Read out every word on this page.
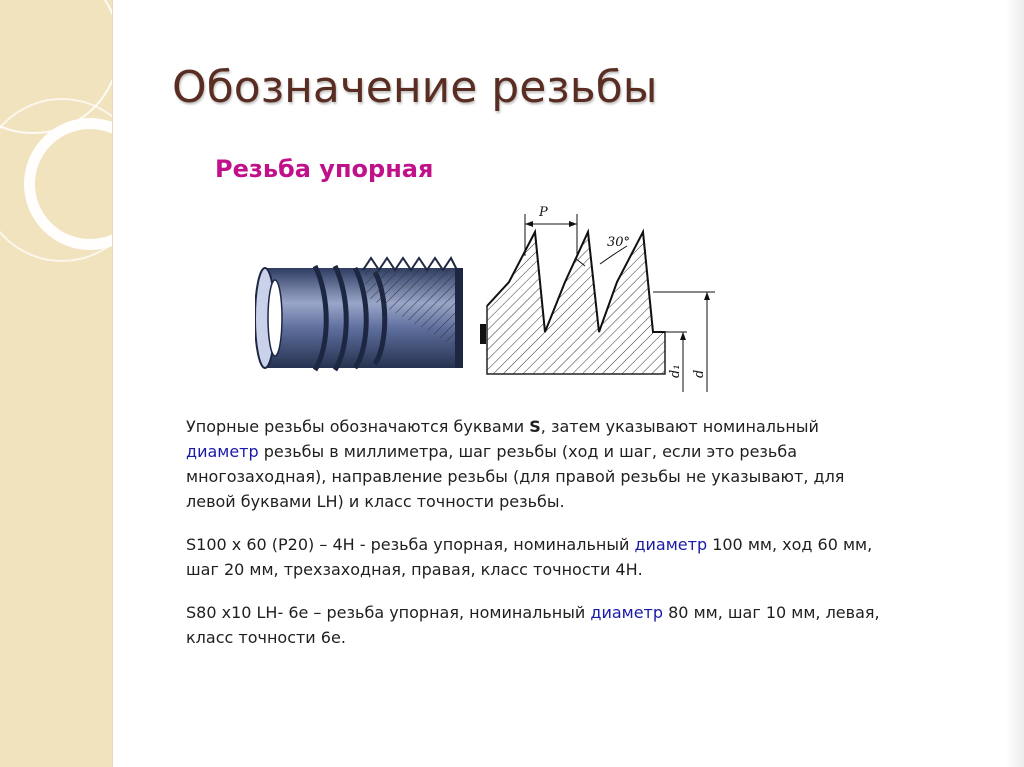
Обозначение резьбы
Резьба упорная
P
30°
d₁ d

Упорные резьбы обозначаются буквами S, затем указывают номинальный диаметр резьбы в миллиметра, шаг резьбы (ход и шаг, если это резьба многозаходная), направление резьбы (для правой резьбы не указывают, для левой буквами LH) и класс точности резьбы.

S100 х 60 (Р20) – 4H - резьба упорная, номинальный диаметр 100 мм, ход 60 мм, шаг 20 мм, трехзаходная, правая, класс точности 4Н.

S80 х10 LH- 6e – резьба упорная, номинальный диаметр 80 мм, шаг 10 мм, левая, класс точности 6е.
